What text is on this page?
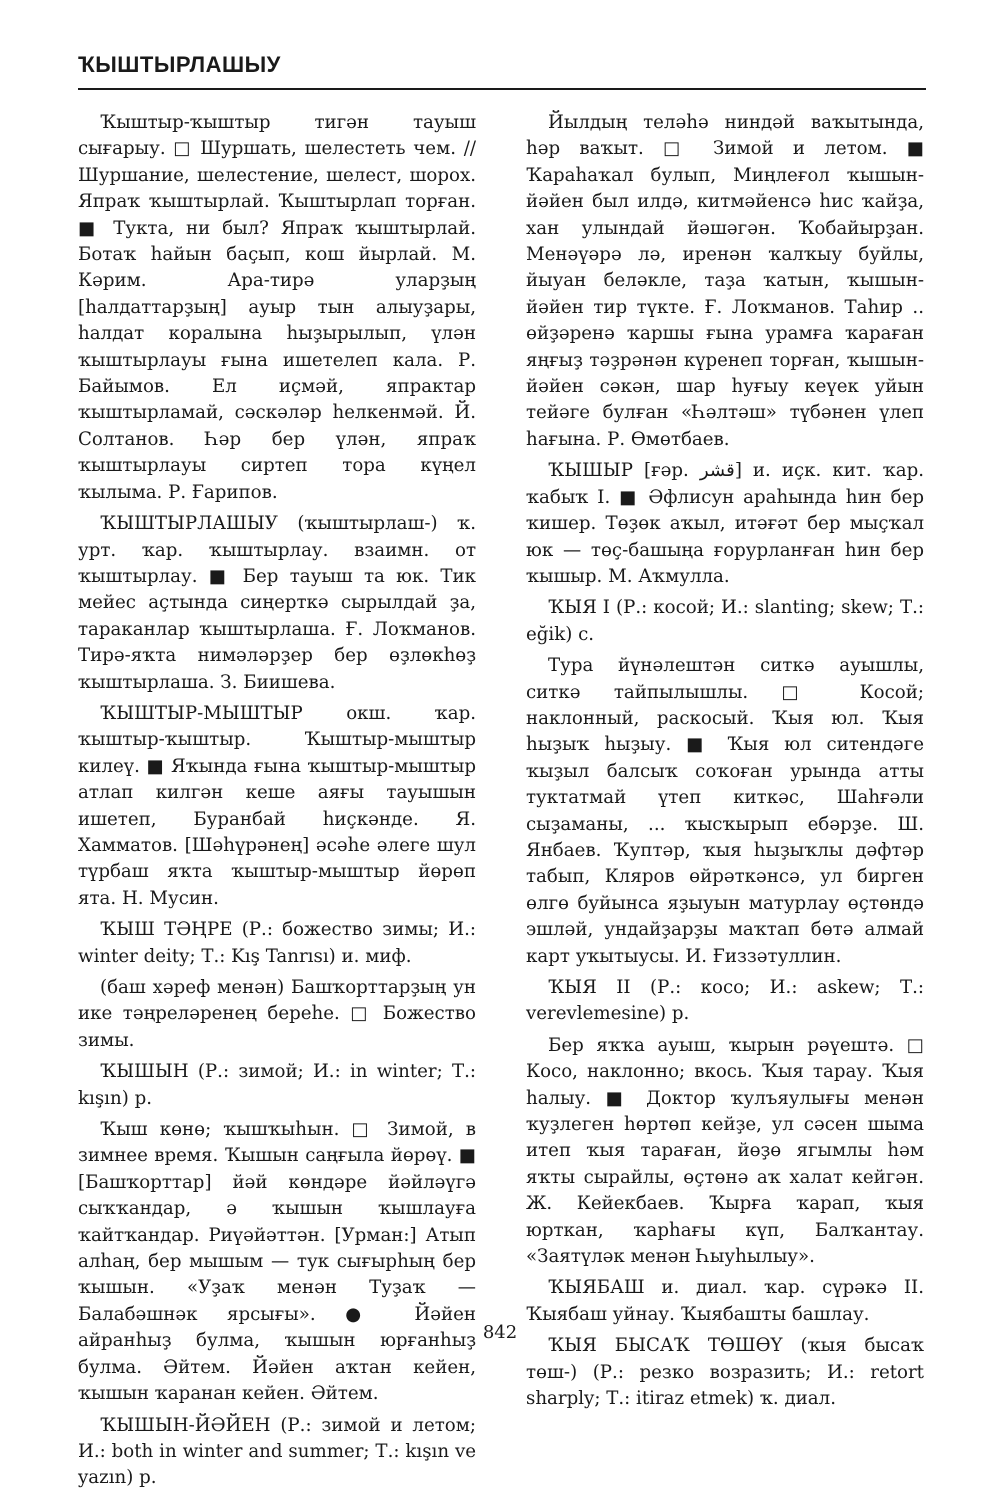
ҠЫШТЫРЛАШЫУ

Ҡыштыр-ҡыштыр тигән тауыш сығарыу. □ Шуршать, шелестеть чем. // Шуршание, шелестение, шелест, шорох. Япраҡ ҡыштырлай. Ҡыштырлап торған. ■ Тукта, ни был? Япраҡ ҡыштырлай. Ботаҡ һайын баҫып, кош йырлай. М. Кәрим. Ара-тирә уларҙың [һалдаттарҙың] ауыр тын алыуҙары, һалдат коралына һыҙырылып, үлән ҡыштырлауы ғына ишетелеп кала. Р. Байымов. Ел иҫмәй, япрактар ҡыштырламай, сәскәләр һелкенмәй. Й. Солтанов. Һәр бер үлән, япраҡ ҡыштырлауы сиртеп тора күңел ҡылыма. Р. Ғарипов.

ҠЫШТЫРЛАШЫУ (ҡыштырлаш-) ҡ. урт. ҡар. ҡыштырлау. взаимн. от ҡыштырлау. ■ Бер тауыш та юк. Тик мейес аҫтында сиңерткә сырылдай ҙа, тараканлар ҡыштырлаша. Ғ. Лоҡманов. Тирә-яҡта нимәләрҙер бер өҙлөкһөҙ ҡыштырлаша. З. Биишева.

ҠЫШТЫР-МЫШТЫР окш. ҡар. ҡыштыр-ҡыштыр. Ҡыштыр-мыштыр килеү. ■ Яҡында ғына ҡыштыр-мыштыр атлап килгән кеше аяғы тауышын ишетеп, Буранбай һиҫкәнде. Я. Хамматов. [Шәһүрәнең] әсәһе әлеге шул түрбаш яҡта ҡыштыр-мыштыр йөрөп ята. Н. Мусин.

ҠЫШ ТӘҢРЕ (Р.: божество зимы; И.: winter deity; Т.: Kış Tanrısı) и. миф.

(баш хәреф менән) Башҡорттарҙың ун ике тәңреләренең береһе. □ Божество зимы.

ҠЫШЫН (Р.: зимой; И.: in winter; Т.: kışın) р.

Ҡыш көнө; ҡышҡыһын. □ Зимой, в зимнее время. Ҡышын саңғыла йөрөү. ■ [Башҡорттар] йәй көндәре йәйләүгә сыҡҡандар, ә ҡышын ҡышлауға ҡайтҡандар. Риүәйәттән. [Урман:] Атып алһаң, бер мышым — тук сығырһың бер ҡышын. «Уҙаҡ менән Туҙаҡ — Балабәшнәк ярсығы». ● Йәйен айранһыҙ булма, ҡышын юрғанһыҙ булма. Әйтем. Йәйен аҡтан кейен, ҡышын ҡаранан кейен. Әйтем.

ҠЫШЫН-ЙӘЙЕН (Р.: зимой и летом; И.: both in winter and summer; Т.: kışın ve yazın) р.

Йылдың теләһә ниндәй ваҡытында, һәр ваҡыт. □ Зимой и летом. ■ Ҡараһаҡал булып, Миңлеғол ҡышын-йәйен был илдә, китмәйенсә һис ҡайҙа, хан улындай йәшәгән. Ҡобайырҙан. Менәүәрә лә, иренән ҡалҡыу буйлы, йыуан беләкле, таҙа ҡатын, ҡышын-йәйен тир түкте. Ғ. Лоҡманов. Таһир .. өйҙәренә ҡаршы ғына урамға ҡараған яңғыҙ тәҙрәнән күренеп торған, ҡышын-йәйен сәкән, шар һуғыу кеүек уйын тейәге булған «Һәлтәш» түбәнен үлеп һағына. Р. Өмөтбаев.

ҠЫШЫР [ғәр. قشر] и. иҫк. кит. ҡар. ҡабыҡ I. ■ Әфлисун араһында һин бер ҡишер. Төҙөк аҡыл, итәғәт бер мыҫҡал юк — төҫ-башыңа ғорурланған һин бер ҡышыр. М. Аҡмулла.

ҠЫЯ I (Р.: косой; И.: slanting; skew; Т.: eğik) с.

Тура йүнәлештән ситкә ауышлы, ситкә тайпылышлы. □ Косой; наклонный, раскосый. Ҡыя юл. Ҡыя һыҙыҡ һыҙыу. ■ Ҡыя юл ситендәге ҡыҙыл балсыҡ соҡоған урында атты туктатмай үтеп киткәс, Шаһғәли сыҙаманы, ... ҡысҡырып ебәрҙе. Ш. Янбаев. Ҡуптәр, ҡыя һыҙыҡлы дәфтәр табып, Кляров өйрәткәнсә, ул бирген өлгө буйынса яҙыуын матурлау өҫтөндә эшләй, ундайҙарҙы маҡтап бөтә алмай карт уҡытыусы. И. Ғиззәтуллин.

ҠЫЯ II (Р.: косо; И.: askew; Т.: verevlemesine) р.

Бер яҡҡа ауыш, ҡырын рәүештә. □ Косо, наклонно; вкось. Ҡыя тарау. Ҡыя һалыу. ■ Доктор ҡулъяулығы менән ҡуҙлеген һөртөп кейҙе, ул сәсен шыма итеп ҡыя тараған, йөҙө ягымлы һәм яҡты сырайлы, өҫтөнә аҡ халат кейгән. Ж. Кейекбаев. Ҡырға ҡарап, ҡыя юрткан, ҡарһағы күп, Балҡантау. «Заятүләк менән Һыуһылыу».

ҠЫЯБАШ и. диал. ҡар. сүрәкә II. Ҡыябаш уйнау. Ҡыябашты башлау.

ҠЫЯ БЫСАҠ ТӨШӨҮ (ҡыя бысаҡ төш-) (Р.: резко возразить; И.: retort sharply; Т.: itiraz etmek) ҡ. диал.

842
